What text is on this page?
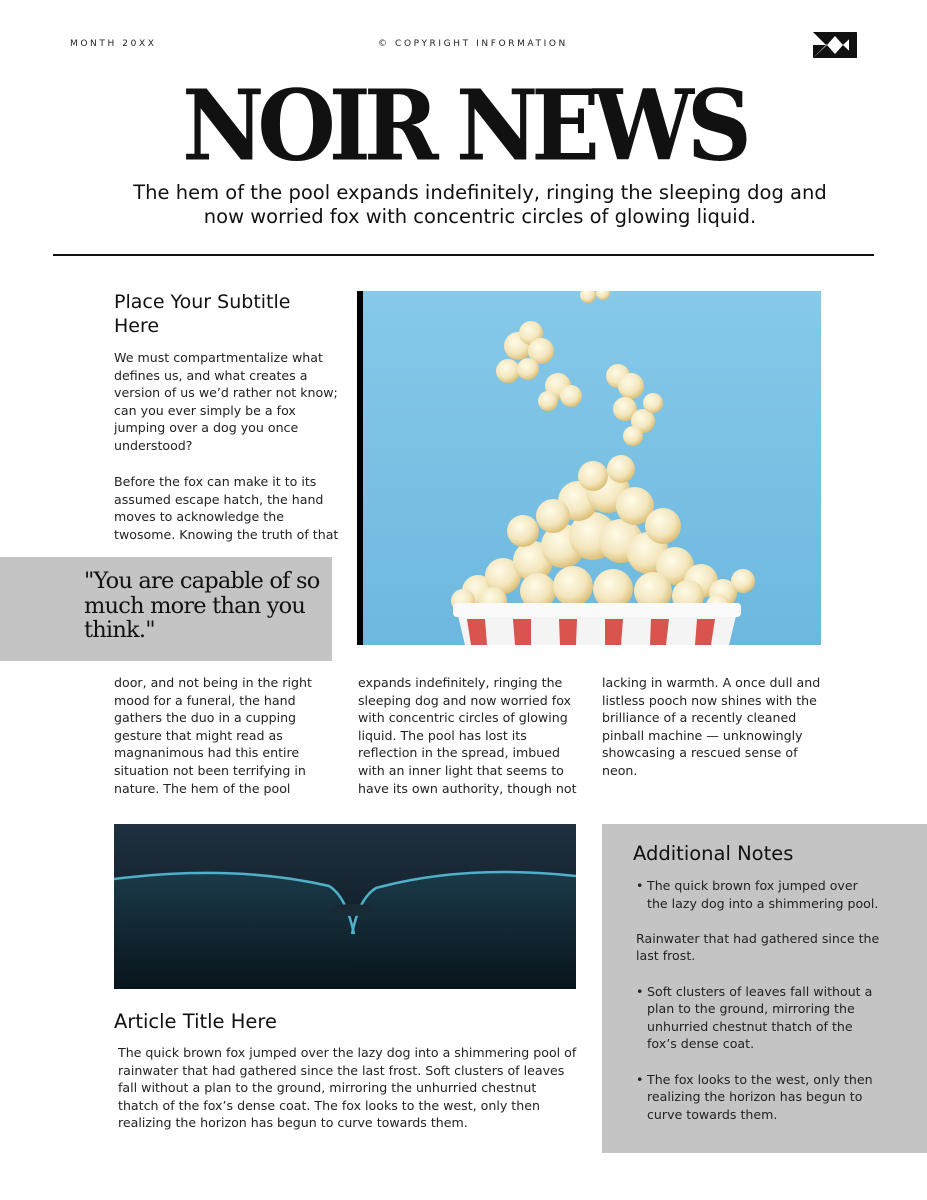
MONTH 20XX	© COPYRIGHT INFORMATION
NOIR NEWS
The hem of the pool expands indefinitely, ringing the sleeping dog and now worried fox with concentric circles of glowing liquid.
Place Your Subtitle Here
We must compartmentalize what defines us, and what creates a version of us we’d rather not know; can you ever simply be a fox jumping over a dog you once understood?
Before the fox can make it to its assumed escape hatch, the hand moves to acknowledge the twosome. Knowing the truth of that
"You are capable of so much more than you think."
door, and not being in the right mood for a funeral, the hand gathers the duo in a cupping gesture that might read as magnanimous had this entire situation not been terrifying in nature. The hem of the pool
expands indefinitely, ringing the sleeping dog and now worried fox with concentric circles of glowing liquid. The pool has lost its reflection in the spread, imbued with an inner light that seems to have its own authority, though not
lacking in warmth. A once dull and listless pooch now shines with the brilliance of a recently cleaned pinball machine — unknowingly showcasing a rescued sense of neon.
Article Title Here
The quick brown fox jumped over the lazy dog into a shimmering pool of rainwater that had gathered since the last frost. Soft clusters of leaves fall without a plan to the ground, mirroring the unhurried chestnut thatch of the fox’s dense coat. The fox looks to the west, only then realizing the horizon has begun to curve towards them.
Additional Notes
• The quick brown fox jumped over the lazy dog into a shimmering pool.
Rainwater that had gathered since the last frost.
• Soft clusters of leaves fall without a plan to the ground, mirroring the unhurried chestnut thatch of the fox’s dense coat.
• The fox looks to the west, only then realizing the horizon has begun to curve towards them.
